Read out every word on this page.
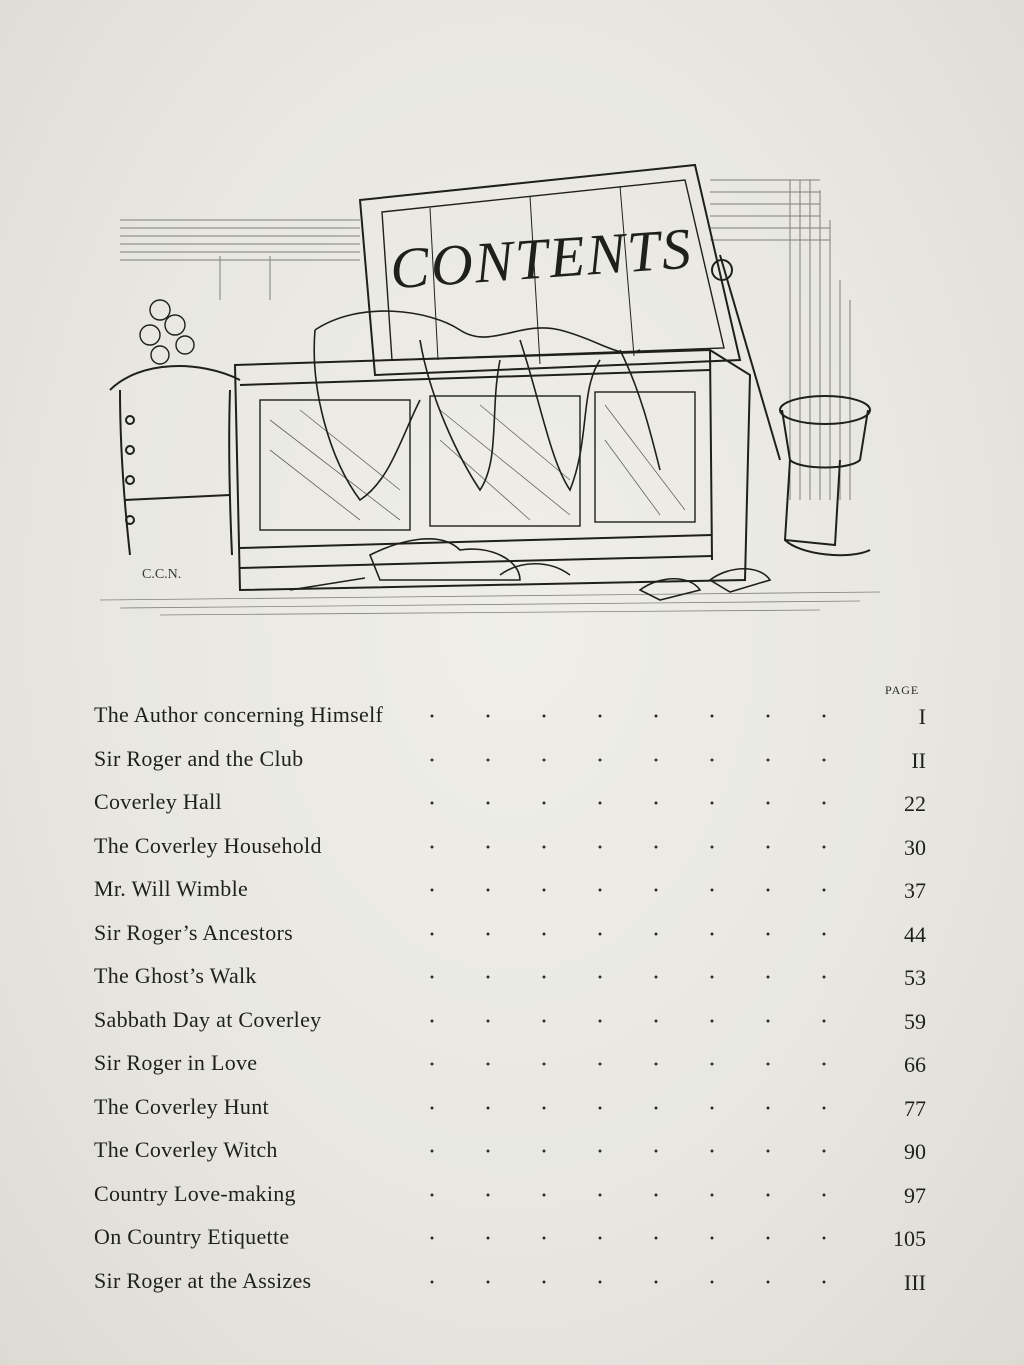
CONTENTS
C.C.N.
PAGE
The Author concerning Himself	I
Sir Roger and the Club	II
Coverley Hall	22
The Coverley Household	30
Mr. Will Wimble	37
Sir Roger’s Ancestors	44
The Ghost’s Walk	53
Sabbath Day at Coverley	59
Sir Roger in Love	66
The Coverley Hunt	77
The Coverley Witch	90
Country Love-making	97
On Country Etiquette	105
Sir Roger at the Assizes	III
